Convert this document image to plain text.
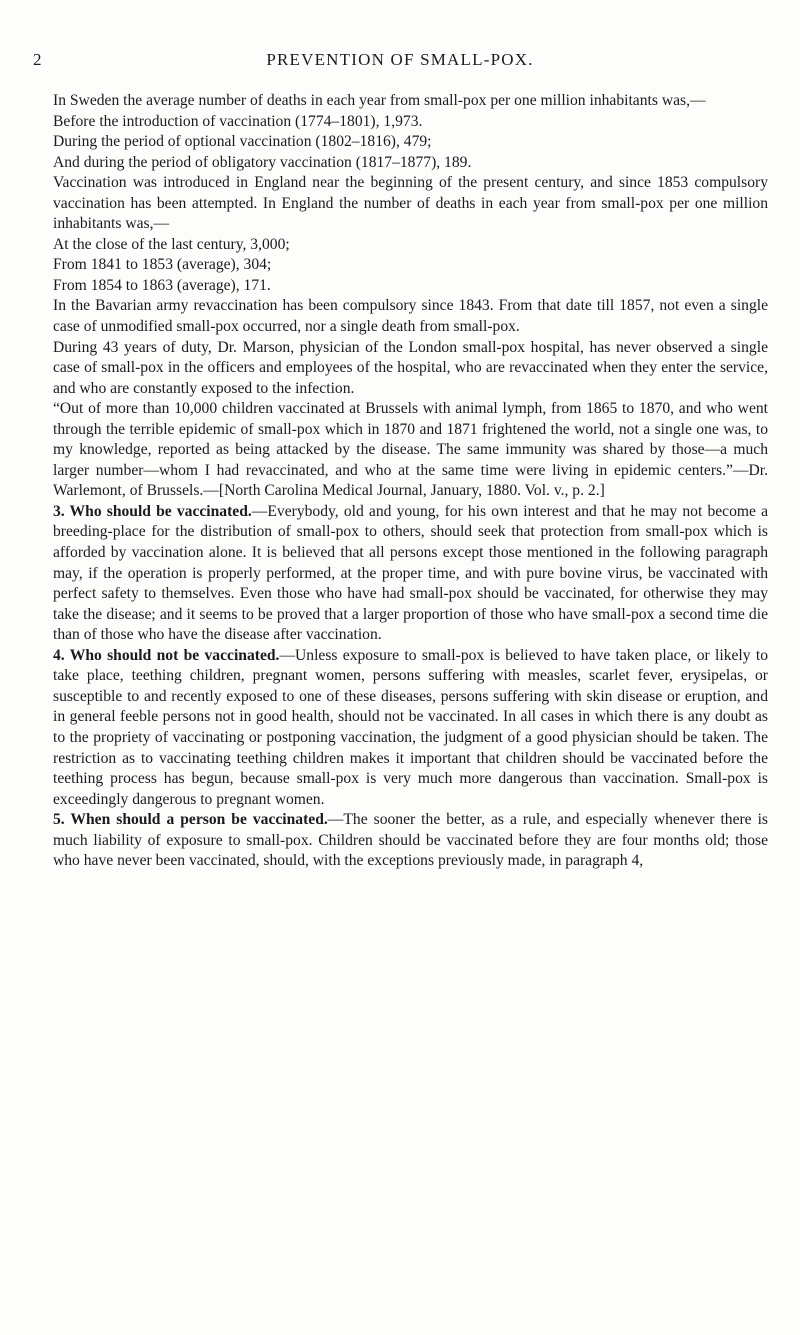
2	PREVENTION OF SMALL-POX.

In Sweden the average number of deaths in each year from small-pox per one million inhabitants was,—

Before the introduction of vaccination (1774–1801), 1,973.

During the period of optional vaccination (1802–1816), 479;

And during the period of obligatory vaccination (1817–1877), 189.

Vaccination was introduced in England near the beginning of the present century, and since 1853 compulsory vaccination has been attempted. In England the number of deaths in each year from small-pox per one million inhabitants was,—

At the close of the last century, 3,000;

From 1841 to 1853 (average), 304;

From 1854 to 1863 (average), 171.

In the Bavarian army revaccination has been compulsory since 1843. From that date till 1857, not even a single case of unmodified small-pox occurred, nor a single death from small-pox.

During 43 years of duty, Dr. Marson, physician of the London small-pox hospital, has never observed a single case of small-pox in the officers and employees of the hospital, who are revaccinated when they enter the service, and who are constantly exposed to the infection.

“Out of more than 10,000 children vaccinated at Brussels with animal lymph, from 1865 to 1870, and who went through the terrible epidemic of small-pox which in 1870 and 1871 frightened the world, not a single one was, to my knowledge, reported as being attacked by the disease. The same immunity was shared by those—a much larger number—whom I had revaccinated, and who at the same time were living in epidemic centers.”—Dr. Warlemont, of Brussels.—[North Carolina Medical Journal, January, 1880. Vol. v., p. 2.]

3. Who should be vaccinated.—Everybody, old and young, for his own interest and that he may not become a breeding-place for the distribution of small-pox to others, should seek that protection from small-pox which is afforded by vaccination alone. It is believed that all persons except those mentioned in the following paragraph may, if the operation is properly performed, at the proper time, and with pure bovine virus, be vaccinated with perfect safety to themselves. Even those who have had small-pox should be vaccinated, for otherwise they may take the disease; and it seems to be proved that a larger proportion of those who have small-pox a second time die than of those who have the disease after vaccination.

4. Who should not be vaccinated.—Unless exposure to small-pox is believed to have taken place, or likely to take place, teething children, pregnant women, persons suffering with measles, scarlet fever, erysipelas, or susceptible to and recently exposed to one of these diseases, persons suffering with skin disease or eruption, and in general feeble persons not in good health, should not be vaccinated. In all cases in which there is any doubt as to the propriety of vaccinating or postponing vaccination, the judgment of a good physician should be taken. The restriction as to vaccinating teething children makes it important that children should be vaccinated before the teething process has begun, because small-pox is very much more dangerous than vaccination. Small-pox is exceedingly dangerous to pregnant women.

5. When should a person be vaccinated.—The sooner the better, as a rule, and especially whenever there is much liability of exposure to small-pox. Children should be vaccinated before they are four months old; those who have never been vaccinated, should, with the exceptions previously made, in paragraph 4,
